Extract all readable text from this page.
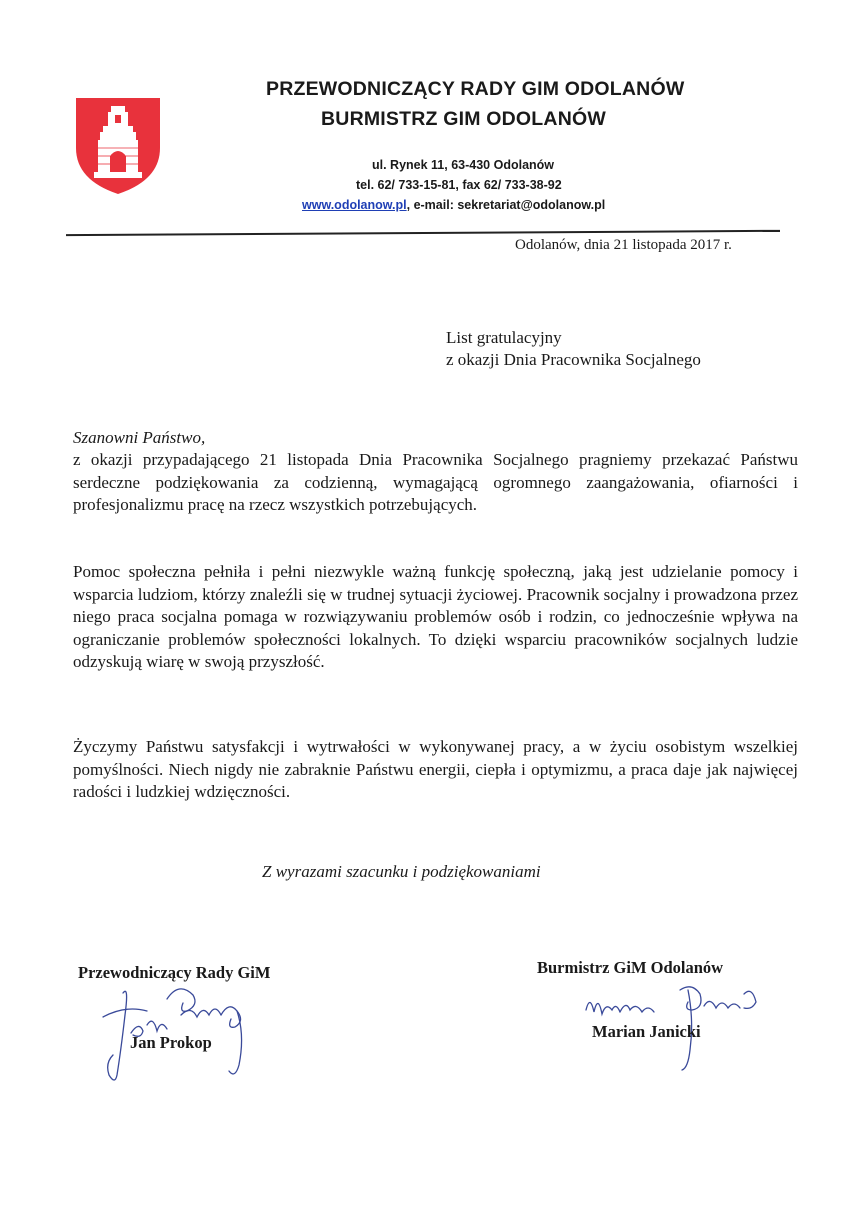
PRZEWODNICZĄCY RADY GIM ODOLANÓW
BURMISTRZ GIM ODOLANÓW
ul. Rynek 11, 63-430 Odolanów
tel. 62/ 733-15-81, fax 62/ 733-38-92
www.odolanow.pl, e-mail: sekretariat@odolanow.pl
Odolanów, dnia 21 listopada 2017 r.
List gratulacyjny
z okazji Dnia Pracownika Socjalnego
Szanowni Państwo,
z okazji przypadającego 21 listopada Dnia Pracownika Socjalnego pragniemy przekazać Państwu serdeczne podziękowania za codzienną, wymagającą ogromnego zaangażowania, ofiarności i profesjonalizmu pracę na rzecz wszystkich potrzebujących.
Pomoc społeczna pełniła i pełni niezwykle ważną funkcję społeczną, jaką jest udzielanie pomocy i wsparcia ludziom, którzy znaleźli się w trudnej sytuacji życiowej. Pracownik socjalny i prowadzona przez niego praca socjalna pomaga w rozwiązywaniu problemów osób i rodzin, co jednocześnie wpływa na ograniczanie problemów społeczności lokalnych. To dzięki wsparciu pracowników socjalnych ludzie odzyskują wiarę w swoją przyszłość.
Życzymy Państwu satysfakcji i wytrwałości w wykonywanej pracy, a w życiu osobistym wszelkiej pomyślności. Niech nigdy nie zabraknie Państwu energii, ciepła i optymizmu, a praca daje jak najwięcej radości i ludzkiej wdzięczności.
Z wyrazami szacunku i podziękowaniami
Przewodniczący Rady GiM
Jan Prokop
Burmistrz GiM Odolanów
Marian Janicki
